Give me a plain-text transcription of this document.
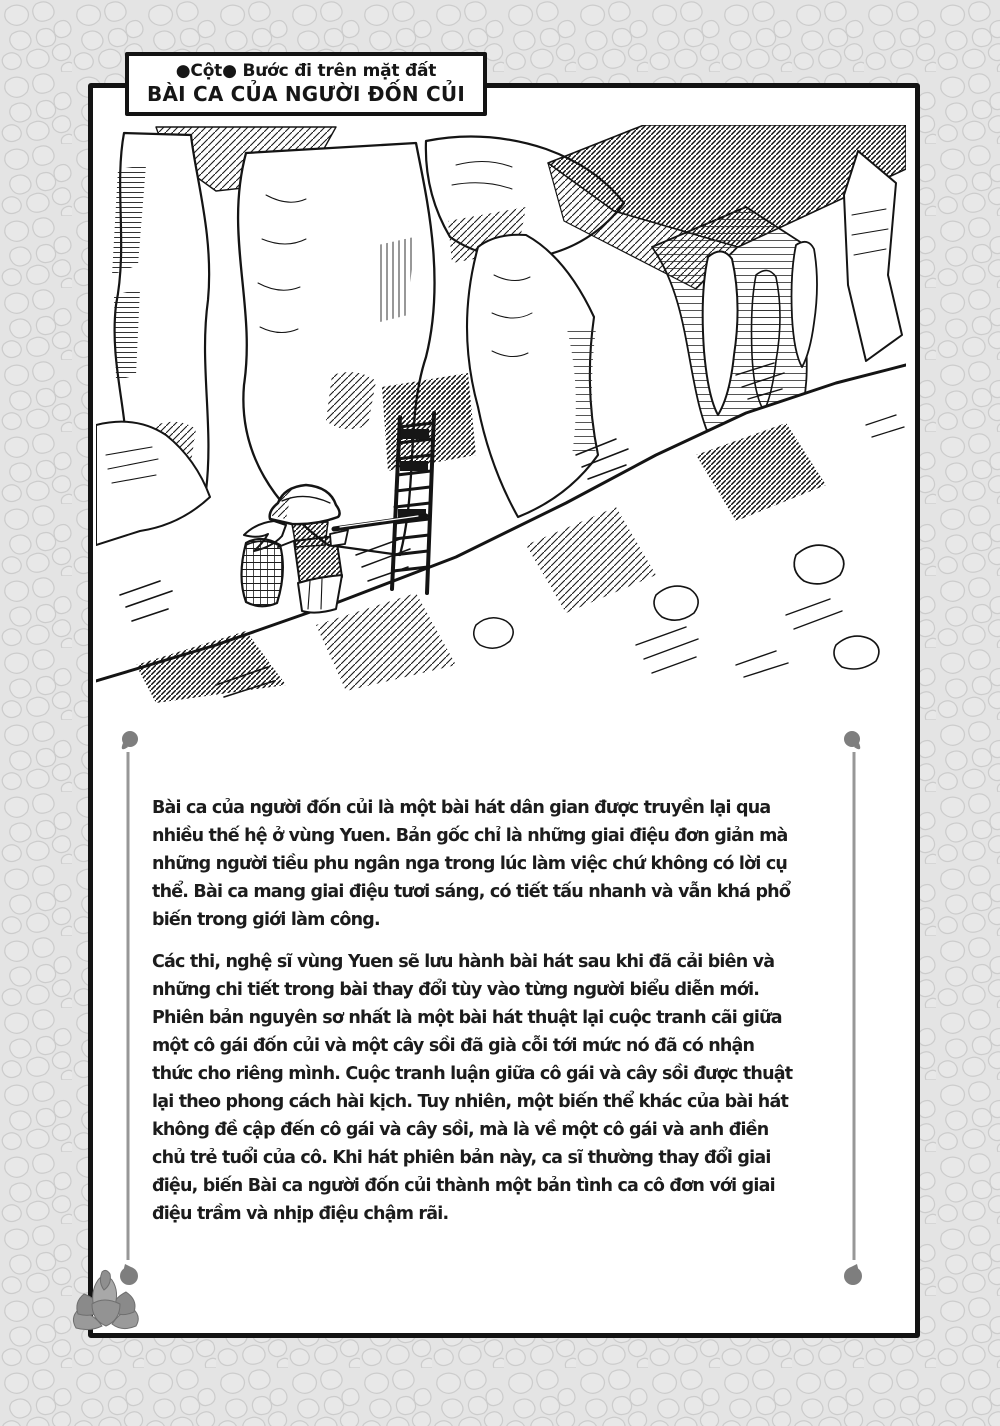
Bài ca của người đốn củi là một bài hát dân gian được truyền lại qua
nhiều thế hệ ở vùng Yuen. Bản gốc chỉ là những giai điệu đơn giản mà
những người tiều phu ngân nga trong lúc làm việc chứ không có lời cụ
thể. Bài ca mang giai điệu tươi sáng, có tiết tấu nhanh và vẫn khá phổ
biến trong giới làm công.
Các thi, nghệ sĩ vùng Yuen sẽ lưu hành bài hát sau khi đã cải biên và
những chi tiết trong bài thay đổi tùy vào từng người biểu diễn mới.
Phiên bản nguyên sơ nhất là một bài hát thuật lại cuộc tranh cãi giữa
một cô gái đốn củi và một cây sồi đã già cỗi tới mức nó đã có nhận
thức cho riêng mình. Cuộc tranh luận giữa cô gái và cây sồi được thuật
lại theo phong cách hài kịch. Tuy nhiên, một biến thể khác của bài hát
không đề cập đến cô gái và cây sồi, mà là về một cô gái và anh điền
chủ trẻ tuổi của cô. Khi hát phiên bản này, ca sĩ thường thay đổi giai
điệu, biến Bài ca người đốn củi thành một bản tình ca cô đơn với giai
điệu trầm và nhịp điệu chậm rãi.
●Cột● Bước đi trên mặt đất
BÀI CA CỦA NGƯỜI ĐỐN CỦI
